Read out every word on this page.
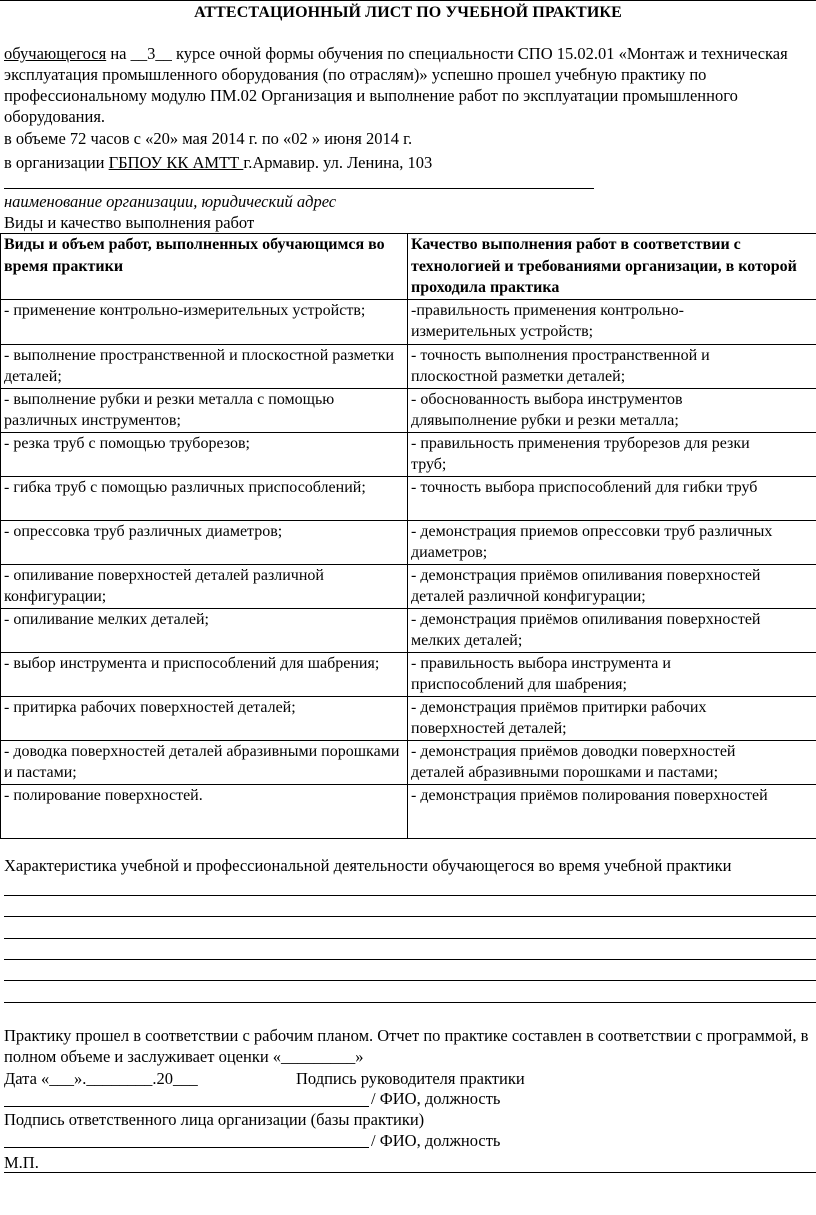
АТТЕСТАЦИОННЫЙ ЛИСТ ПО УЧЕБНОЙ ПРАКТИКЕ
обучающегося на __3__ курсе очной формы обучения по специальности СПО 15.02.01 «Монтаж и техническая эксплуатация промышленного оборудования (по отраслям)» успешно прошел учебную практику по профессиональному модулю ПМ.02 Организация и выполнение работ по эксплуатации промышленного оборудования.
в объеме 72 часов с «20» мая 2014 г. по «02 » июня 2014 г.
в организации ГБПОУ КК АМТТ г.Армавир. ул. Ленина, 103
наименование организации, юридический адрес
Виды и качество выполнения работ
Виды и объем работ, выполненных обучающимся во время практики	Качество выполнения работ в соответствии с технологией и требованиями организации, в которой проходила практика
- применение контрольно-измерительных устройств;	-правильность применения контрольно-
измерительных устройств;

- выполнение пространственной и плоскостной разметки деталей;	- точность выполнения пространственной и
плоскостной разметки деталей;

- выполнение рубки и резки металла с помощью различных инструментов;	- обоснованность выбора инструментов
длявыполнение рубки и резки металла;

- резка труб с помощью труборезов;	- правильность применения труборезов для резки
труб;

- гибка труб с помощью различных приспособлений;	- точность выбора приспособлений для гибки труб

- опрессовка труб различных диаметров;	- демонстрация приемов опрессовки труб различных
диаметров;

- опиливание поверхностей деталей различной конфигурации;	- демонстрация приёмов опиливания поверхностей
деталей различной конфигурации;

- опиливание мелких деталей;	- демонстрация приёмов опиливания поверхностей
мелких деталей;

- выбор инструмента и приспособлений для шабрения;	- правильность выбора инструмента и
приспособлений для шабрения;

- притирка рабочих поверхностей деталей;	- демонстрация приёмов притирки рабочих
поверхностей деталей;

- доводка поверхностей деталей абразивными порошками и пастами;	- демонстрация приёмов доводки поверхностей
деталей абразивными порошками и пастами;

- полирование поверхностей.	- демонстрация приёмов полирования поверхностей

Характеристика учебной и профессиональной деятельности обучающегося во время учебной практики
Практику прошел в соответствии с рабочим планом. Отчет по практике составлен в соответствии с программой, в полном объеме и заслуживает оценки «_________»
Дата «___».________.20___	Подпись руководителя практики
/ ФИО, должность
Подпись ответственного лица организации (базы практики)
/ ФИО, должность
М.П.
